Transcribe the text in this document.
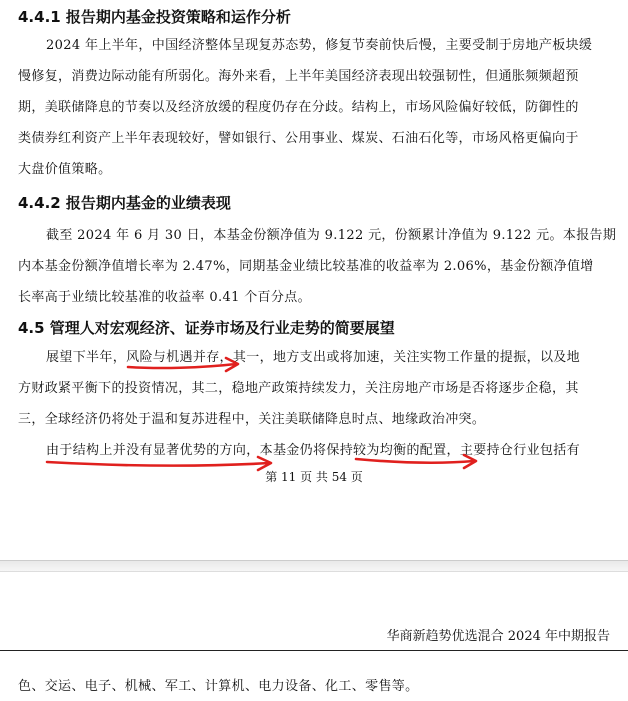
4.4.1 报告期内基金投资策略和运作分析
2024 年上半年，中国经济整体呈现复苏态势，修复节奏前快后慢，主要受制于房地产板块缓
慢修复，消费边际动能有所弱化。海外来看，上半年美国经济表现出较强韧性，但通胀频频超预
期，美联储降息的节奏以及经济放缓的程度仍存在分歧。结构上，市场风险偏好较低，防御性的
类债券红利资产上半年表现较好，譬如银行、公用事业、煤炭、石油石化等，市场风格更偏向于
大盘价值策略。
4.4.2 报告期内基金的业绩表现
截至 2024 年 6 月 30 日，本基金份额净值为 9.122 元，份额累计净值为 9.122 元。本报告期
内本基金份额净值增长率为 2.47%，同期基金业绩比较基准的收益率为 2.06%，基金份额净值增
长率高于业绩比较基准的收益率 0.41 个百分点。
4.5 管理人对宏观经济、证券市场及行业走势的简要展望
展望下半年，风险与机遇并存，其一，地方支出或将加速，关注实物工作量的提振，以及地
方财政紧平衡下的投资情况，其二，稳地产政策持续发力，关注房地产市场是否将逐步企稳，其
三，全球经济仍将处于温和复苏进程中，关注美联储降息时点、地缘政治冲突。
由于结构上并没有显著优势的方向，本基金仍将保持较为均衡的配置，主要持仓行业包括有
第 11 页 共 54 页
华商新趋势优选混合 2024 年中期报告
色、交运、电子、机械、军工、计算机、电力设备、化工、零售等。
